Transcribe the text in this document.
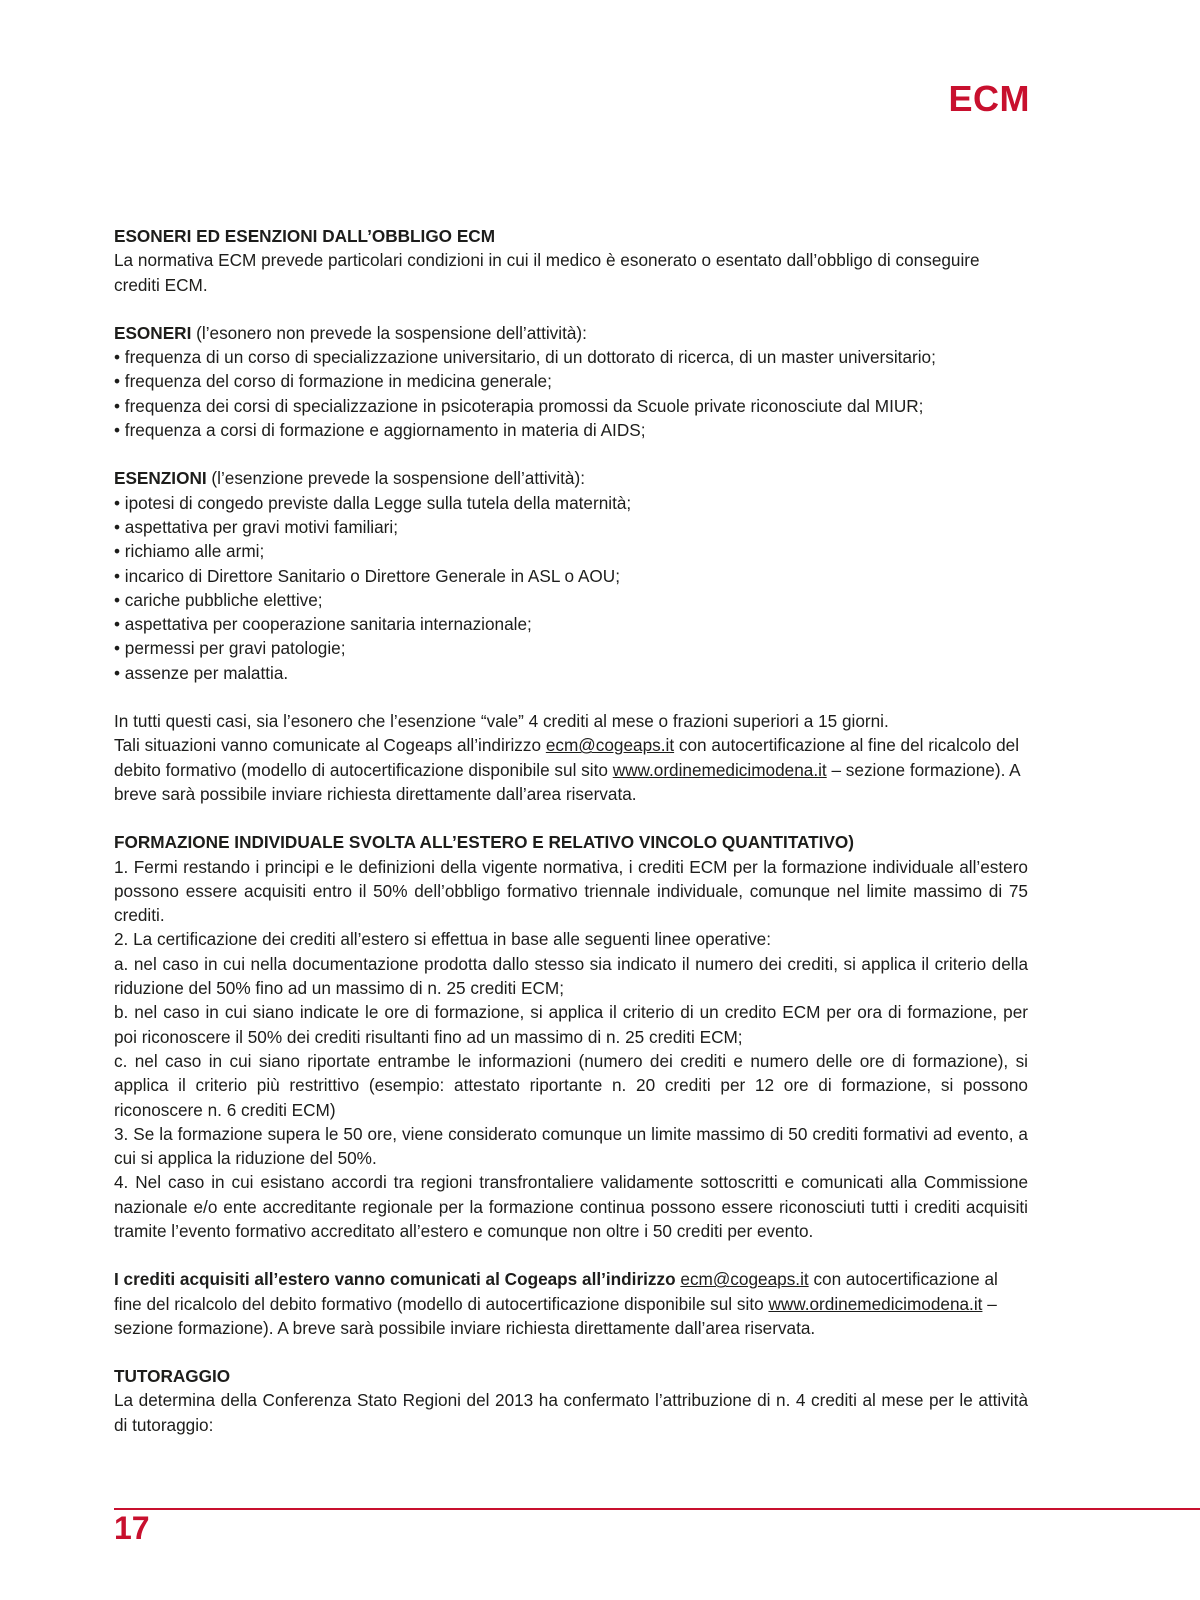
ECM

ESONERI ED ESENZIONI DALL’OBBLIGO ECM

La normativa ECM prevede particolari condizioni in cui il medico è esonerato o esentato dall’obbligo di conseguire crediti ECM.

ESONERI (l’esonero non prevede la sospensione dell’attività):

• frequenza di un corso di specializzazione universitario, di un dottorato di ricerca, di un master universitario;

• frequenza del corso di formazione in medicina generale;

• frequenza dei corsi di specializzazione in psicoterapia promossi da Scuole private riconosciute dal MIUR;

• frequenza a corsi di formazione e aggiornamento in materia di AIDS;

ESENZIONI (l’esenzione prevede la sospensione dell’attività):

• ipotesi di congedo previste dalla Legge sulla tutela della maternità;

• aspettativa per gravi motivi familiari;

• richiamo alle armi;

• incarico di Direttore Sanitario o Direttore Generale in ASL o AOU;

• cariche pubbliche elettive;

• aspettativa per cooperazione sanitaria internazionale;

• permessi per gravi patologie;

• assenze per malattia.

In tutti questi casi, sia l’esonero che l’esenzione “vale” 4 crediti al mese o frazioni superiori a 15 giorni.

Tali situazioni vanno comunicate al Cogeaps all’indirizzo ecm@cogeaps.it con autocertificazione al fine del ricalcolo del debito formativo (modello di autocertificazione disponibile sul sito www.ordinemedicimodena.it – sezione formazione). A breve sarà possibile inviare richiesta direttamente dall’area riservata.

FORMAZIONE INDIVIDUALE SVOLTA ALL’ESTERO E RELATIVO VINCOLO QUANTITATIVO)

1. Fermi restando i principi e le definizioni della vigente normativa, i crediti ECM per la formazione individuale all’estero possono essere acquisiti entro il 50% dell’obbligo formativo triennale individuale, comunque nel limite massimo di 75 crediti.

2. La certificazione dei crediti all’estero si effettua in base alle seguenti linee operative:

a. nel caso in cui nella documentazione prodotta dallo stesso sia indicato il numero dei crediti, si applica il criterio della riduzione del 50% fino ad un massimo di n. 25 crediti ECM;

b. nel caso in cui siano indicate le ore di formazione, si applica il criterio di un credito ECM per ora di formazione, per poi riconoscere il 50% dei crediti risultanti fino ad un massimo di n. 25 crediti ECM;

c. nel caso in cui siano riportate entrambe le informazioni (numero dei crediti e numero delle ore di formazione), si applica il criterio più restrittivo (esempio: attestato riportante n. 20 crediti per 12 ore di formazione, si possono riconoscere n. 6 crediti ECM)

3. Se la formazione supera le 50 ore, viene considerato comunque un limite massimo di 50 crediti formativi ad evento, a cui si applica la riduzione del 50%.

4. Nel caso in cui esistano accordi tra regioni transfrontaliere validamente sottoscritti e comunicati alla Commissione nazionale e/o ente accreditante regionale per la formazione continua possono essere riconosciuti tutti i crediti acquisiti tramite l’evento formativo accreditato all’estero e comunque non oltre i 50 crediti per evento.

I crediti acquisiti all’estero vanno comunicati al Cogeaps all’indirizzo ecm@cogeaps.it con autocertificazione al fine del ricalcolo del debito formativo (modello di autocertificazione disponibile sul sito www.ordinemedicimodena.it – sezione formazione). A breve sarà possibile inviare richiesta direttamente dall’area riservata.

TUTORAGGIO

La determina della Conferenza Stato Regioni del 2013 ha confermato l’attribuzione di n. 4 crediti al mese per le attività di tutoraggio:

17
